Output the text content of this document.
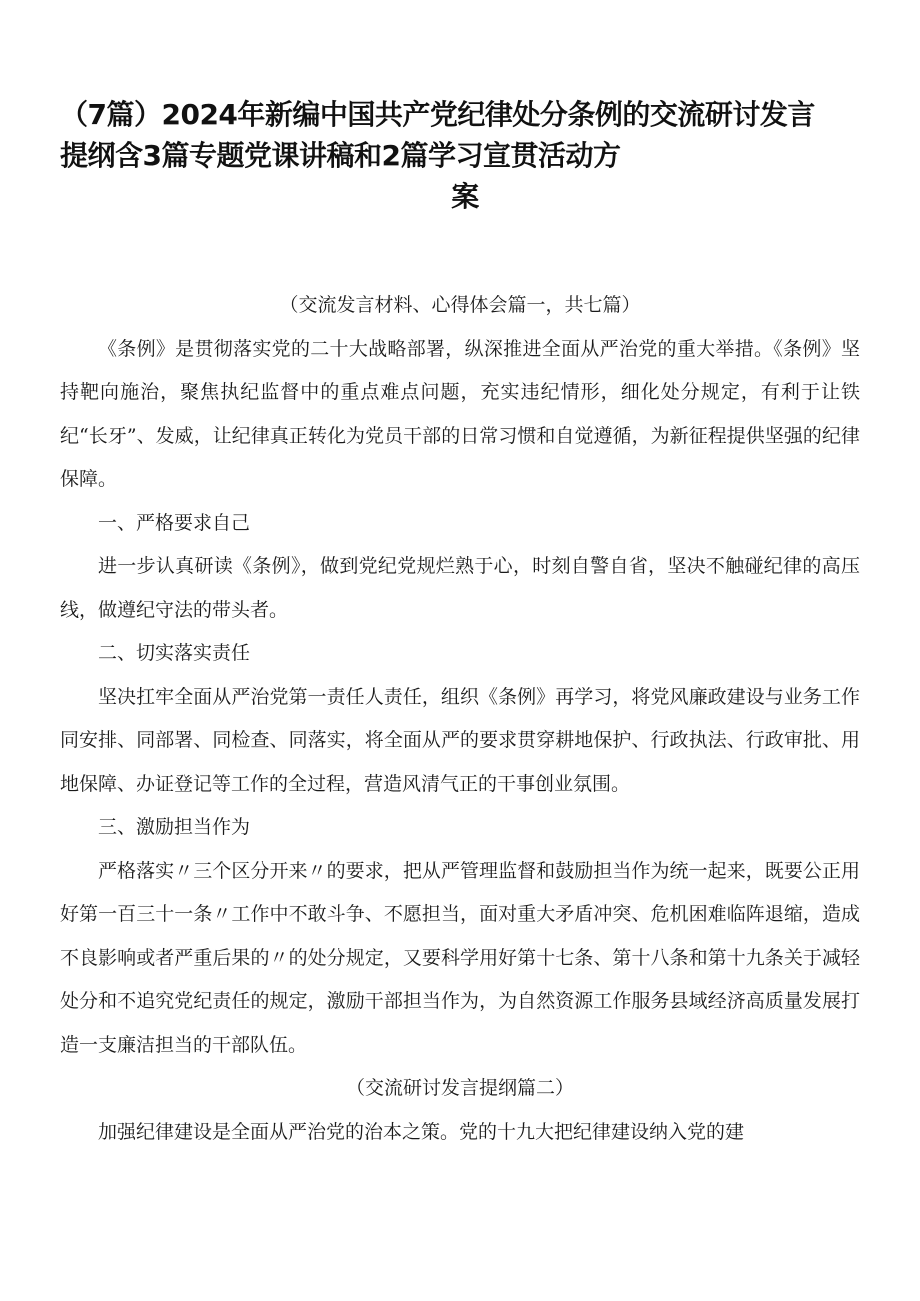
（7篇）2024年新编中国共产党纪律处分条例的交流研讨发言
提纲含3篇专题党课讲稿和2篇学习宣贯活动方
案

（交流发言材料、心得体会篇一，共七篇）

《条例》是贯彻落实党的二十大战略部署，纵深推进全面从严治党的重大举措。《条例》坚持靶向施治，聚焦执纪监督中的重点难点问题，充实违纪情形，细化处分规定，有利于让铁纪“长牙”、发威，让纪律真正转化为党员干部的日常习惯和自觉遵循，为新征程提供坚强的纪律保障。

一、严格要求自己

进一步认真研读《条例》，做到党纪党规烂熟于心，时刻自警自省，坚决不触碰纪律的高压线，做遵纪守法的带头者。

二、切实落实责任

坚决扛牢全面从严治党第一责任人责任，组织《条例》再学习，将党风廉政建设与业务工作同安排、同部署、同检查、同落实，将全面从严的要求贯穿耕地保护、行政执法、行政审批、用地保障、办证登记等工作的全过程，营造风清气正的干事创业氛围。

三、激励担当作为

严格落实〃三个区分开来〃的要求，把从严管理监督和鼓励担当作为统一起来，既要公正用好第一百三十一条〃工作中不敢斗争、不愿担当，面对重大矛盾冲突、危机困难临阵退缩，造成不良影响或者严重后果的〃的处分规定，又要科学用好第十七条、第十八条和第十九条关于减轻处分和不追究党纪责任的规定，激励干部担当作为，为自然资源工作服务县域经济高质量发展打造一支廉洁担当的干部队伍。

（交流研讨发言提纲篇二）

加强纪律建设是全面从严治党的治本之策。党的十九大把纪律建设纳入党的建
